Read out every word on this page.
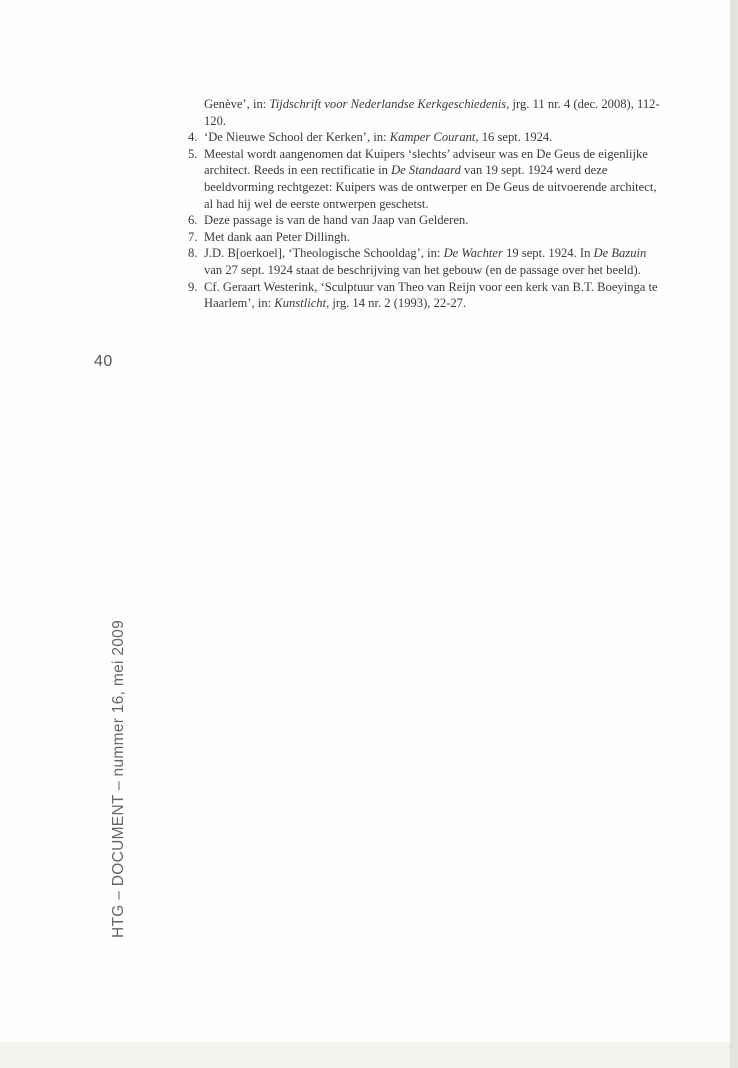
Genève’, in: Tijdschrift voor Nederlandse Kerkgeschiedenis, jrg. 11 nr. 4 (dec. 2008), 112-120.
4. ‘De Nieuwe School der Kerken’, in: Kamper Courant, 16 sept. 1924.
5. Meestal wordt aangenomen dat Kuipers ‘slechts’ adviseur was en De Geus de eigenlijke architect. Reeds in een rectificatie in De Standaard van 19 sept. 1924 werd deze beeldvorming rechtgezet: Kuipers was de ontwerper en De Geus de uitvoerende architect, al had hij wel de eerste ontwerpen geschetst.
6. Deze passage is van de hand van Jaap van Gelderen.
7. Met dank aan Peter Dillingh.
8. J.D. B[oerkoel], ‘Theologische Schooldag’, in: De Wachter 19 sept. 1924. In De Bazuin van 27 sept. 1924 staat de beschrijving van het gebouw (en de passage over het beeld).
9. Cf. Geraart Westerink, ‘Sculptuur van Theo van Reijn voor een kerk van B.T. Boeyinga te Haarlem’, in: Kunstlicht, jrg. 14 nr. 2 (1993), 22-27.
40
HTG – DOCUMENT – nummer 16, mei 2009
